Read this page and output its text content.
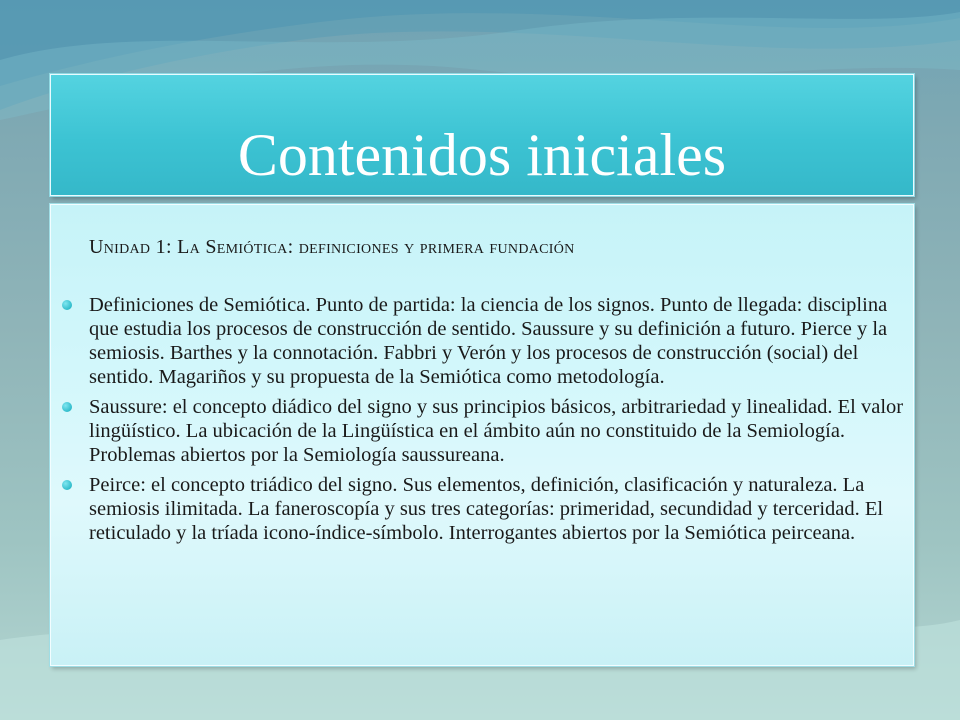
Contenidos iniciales
Unidad 1: La Semiótica: definiciones y primera fundación
Definiciones de Semiótica. Punto de partida: la ciencia de los signos. Punto de llegada: disciplina que estudia los procesos de construcción de sentido. Saussure y su definición a futuro. Pierce y la semiosis. Barthes y la connotación. Fabbri y Verón y los procesos de construcción (social) del sentido. Magariños y su propuesta de la Semiótica como metodología.
Saussure: el concepto diádico del signo y sus principios básicos, arbitrariedad y linealidad. El valor lingüístico. La ubicación de la Lingüística en el ámbito aún no constituido de la Semiología. Problemas abiertos por la Semiología saussureana.
Peirce: el concepto triádico del signo. Sus elementos, definición, clasificación y naturaleza. La semiosis ilimitada. La faneroscopía y sus tres categorías: primeridad, secundidad y terceridad. El reticulado y la tríada icono-índice-símbolo. Interrogantes abiertos por la Semiótica peirceana.
